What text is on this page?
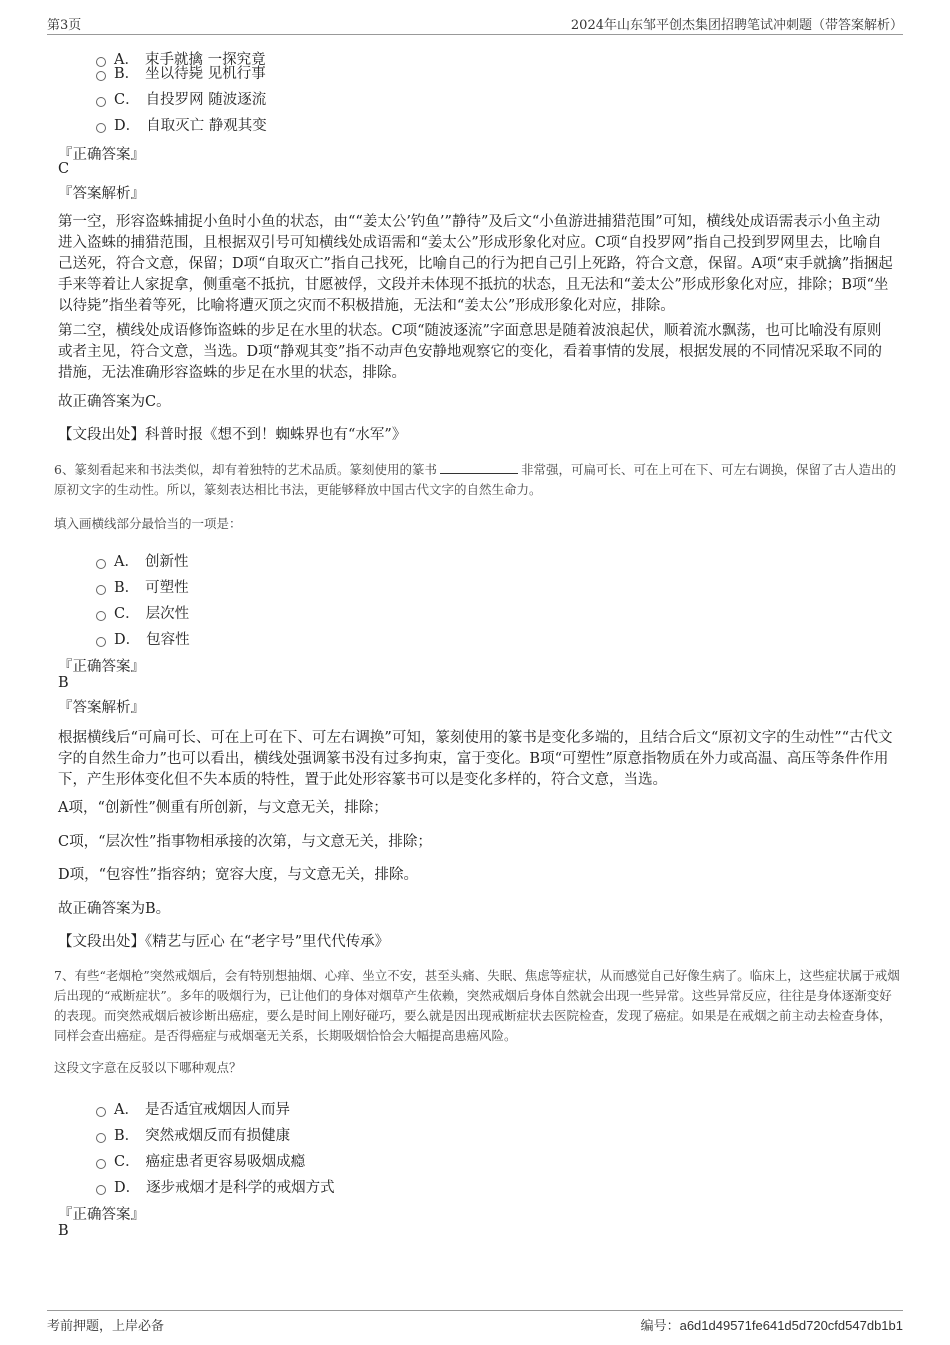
第3页	2024年山东邹平创杰集团招聘笔试冲刺题（带答案解析）
A． 束手就擒 一探究竟
B． 坐以待毙 见机行事
C． 自投罗网 随波逐流
D． 自取灭亡 静观其变
『正确答案』
C
『答案解析』

第一空，形容盗蛛捕捉小鱼时小鱼的状态，由““姜太公’钓鱼’”静待”及后文“小鱼游进捕猎范围”可知，横线处成语需表示小鱼主动进入盗蛛的捕猎范围，且根据双引号可知横线处成语需和“姜太公”形成形象化对应。C项“自投罗网”指自己投到罗网里去，比喻自己送死，符合文意，保留；D项“自取灭亡”指自己找死，比喻自己的行为把自己引上死路，符合文意，保留。A项“束手就擒”指捆起手来等着让人家捉拿，侧重毫不抵抗，甘愿被俘，文段并未体现不抵抗的状态，且无法和“姜太公”形成形象化对应，排除；B项“坐以待毙”指坐着等死，比喻将遭灭顶之灾而不积极措施，无法和“姜太公”形成形象化对应，排除。

第二空，横线处成语修饰盗蛛的步足在水里的状态。C项“随波逐流”字面意思是随着波浪起伏，顺着流水飘荡，也可比喻没有原则或者主见，符合文意，当选。D项“静观其变”指不动声色安静地观察它的变化，看着事情的发展，根据发展的不同情况采取不同的措施，无法准确形容盗蛛的步足在水里的状态，排除。

故正确答案为C。

【文段出处】科普时报《想不到！蜘蛛界也有“水军”》

6、篆刻看起来和书法类似，却有着独特的艺术品质。篆刻使用的篆书	非常强，可扁可长、可在上可在下、可左右调换，保留了古人造出的原初文字的生动性。所以，篆刻表达相比书法，更能够释放中国古代文字的自然生命力。

填入画横线部分最恰当的一项是：

A． 创新性
B． 可塑性
C． 层次性
D． 包容性
『正确答案』
B
『答案解析』

根据横线后“可扁可长、可在上可在下、可左右调换”可知，篆刻使用的篆书是变化多端的，且结合后文“原初文字的生动性”“古代文字的自然生命力”也可以看出，横线处强调篆书没有过多拘束，富于变化。B项“可塑性”原意指物质在外力或高温、高压等条件作用下，产生形体变化但不失本质的特性，置于此处形容篆书可以是变化多样的，符合文意，当选。

A项，“创新性”侧重有所创新，与文意无关，排除；

C项，“层次性”指事物相承接的次第，与文意无关，排除；

D项，“包容性”指容纳；宽容大度，与文意无关，排除。

故正确答案为B。

【文段出处】《精艺与匠心 在“老字号”里代代传承》

7、有些“老烟枪”突然戒烟后，会有特别想抽烟、心痒、坐立不安，甚至头痛、失眠、焦虑等症状，从而感觉自己好像生病了。临床上，这些症状属于戒烟后出现的“戒断症状”。多年的吸烟行为，已让他们的身体对烟草产生依赖，突然戒烟后身体自然就会出现一些异常。这些异常反应，往往是身体逐渐变好的表现。而突然戒烟后被诊断出癌症，要么是时间上刚好碰巧，要么就是因出现戒断症状去医院检查，发现了癌症。如果是在戒烟之前主动去检查身体，同样会查出癌症。是否得癌症与戒烟毫无关系，长期吸烟恰恰会大幅提高患癌风险。

这段文字意在反驳以下哪种观点？

A． 是否适宜戒烟因人而异
B． 突然戒烟反而有损健康
C． 癌症患者更容易吸烟成瘾
D． 逐步戒烟才是科学的戒烟方式
『正确答案』
B
考前押题，上岸必备	编号：a6d1d49571fe641d5d720cfd547db1b1
